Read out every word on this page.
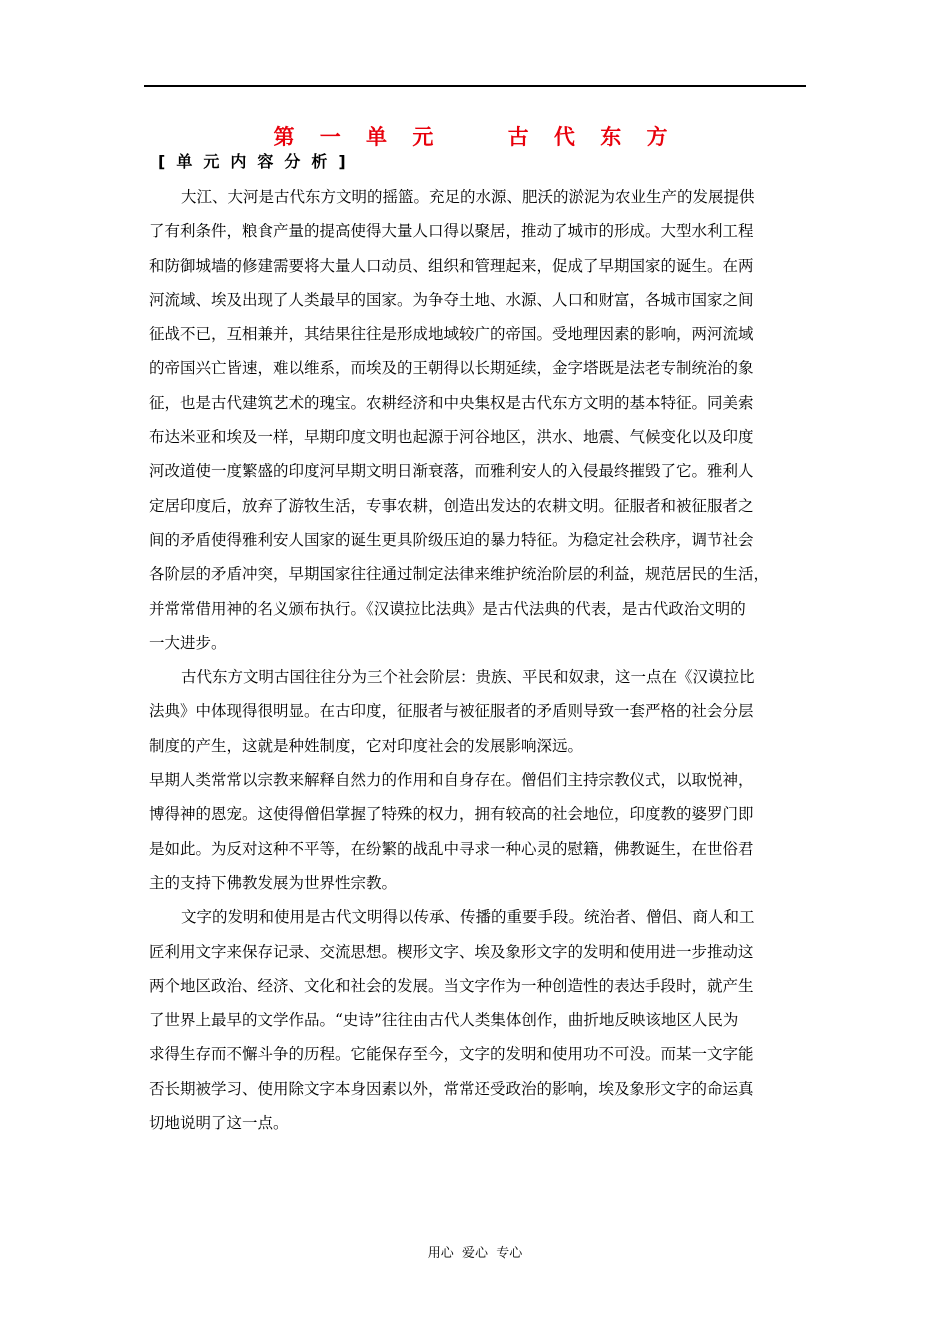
第 一 单 元    古 代 东 方
[单元内容分析]

大江、大河是古代东方文明的摇篮。充足的水源、肥沃的淤泥为农业生产的发展提供
了有利条件，粮食产量的提高使得大量人口得以聚居，推动了城市的形成。大型水利工程
和防御城墙的修建需要将大量人口动员、组织和管理起来，促成了早期国家的诞生。在两
河流域、埃及出现了人类最早的国家。为争夺土地、水源、人口和财富，各城市国家之间
征战不已，互相兼并，其结果往往是形成地域较广的帝国。受地理因素的影响，两河流域
的帝国兴亡皆速，难以维系，而埃及的王朝得以长期延续，金字塔既是法老专制统治的象
征，也是古代建筑艺术的瑰宝。农耕经济和中央集权是古代东方文明的基本特征。同美索
布达米亚和埃及一样，早期印度文明也起源于河谷地区，洪水、地震、气候变化以及印度
河改道使一度繁盛的印度河早期文明日渐衰落，而雅利安人的入侵最终摧毁了它。雅利人
定居印度后，放弃了游牧生活，专事农耕，创造出发达的农耕文明。征服者和被征服者之
间的矛盾使得雅利安人国家的诞生更具阶级压迫的暴力特征。为稳定社会秩序，调节社会
各阶层的矛盾冲突，早期国家往往通过制定法律来维护统治阶层的利益，规范居民的生活，
并常常借用神的名义颁布执行。《汉谟拉比法典》是古代法典的代表，是古代政治文明的
一大进步。

古代东方文明古国往往分为三个社会阶层：贵族、平民和奴隶，这一点在《汉谟拉比
法典》中体现得很明显。在古印度，征服者与被征服者的矛盾则导致一套严格的社会分层
制度的产生，这就是种姓制度，它对印度社会的发展影响深远。

早期人类常常以宗教来解释自然力的作用和自身存在。僧侣们主持宗教仪式，以取悦神，
博得神的恩宠。这使得僧侣掌握了特殊的权力，拥有较高的社会地位，印度教的婆罗门即
是如此。为反对这种不平等，在纷繁的战乱中寻求一种心灵的慰籍，佛教诞生，在世俗君
主的支持下佛教发展为世界性宗教。

文字的发明和使用是古代文明得以传承、传播的重要手段。统治者、僧侣、商人和工
匠利用文字来保存记录、交流思想。楔形文字、埃及象形文字的发明和使用进一步推动这
两个地区政治、经济、文化和社会的发展。当文字作为一种创造性的表达手段时，就产生
了世界上最早的文学作品。“史诗”往往由古代人类集体创作，曲折地反映该地区人民为
求得生存而不懈斗争的历程。它能保存至今，文字的发明和使用功不可没。而某一文字能
否长期被学习、使用除文字本身因素以外，常常还受政治的影响，埃及象形文字的命运真
切地说明了这一点。

用心  爱心  专心
